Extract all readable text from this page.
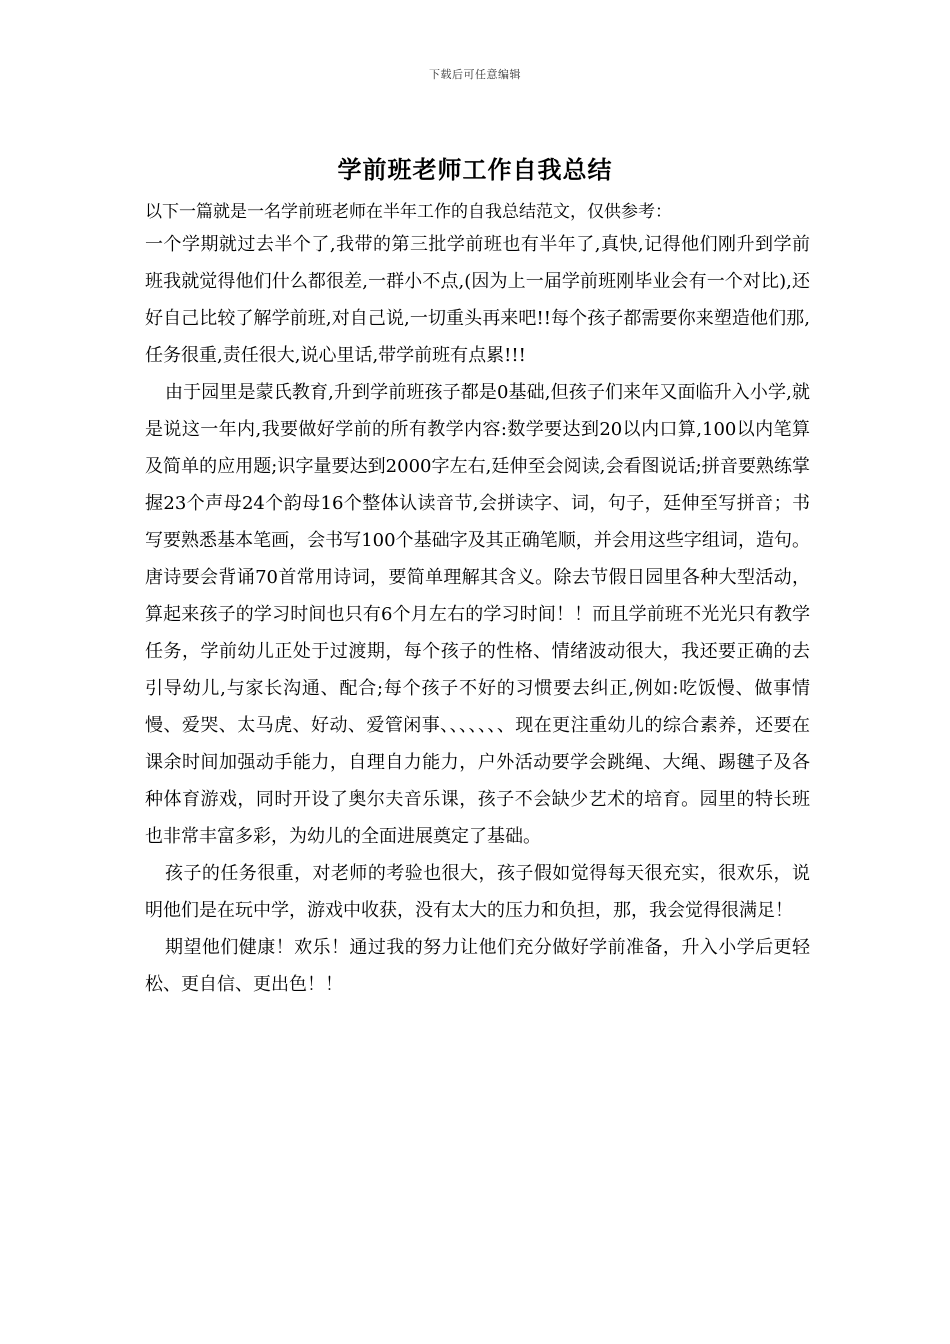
下载后可任意编辑
学前班老师工作自我总结

以下一篇就是一名学前班老师在半年工作的自我总结范文，仅供参考：

一个学期就过去半个了,我带的第三批学前班也有半年了,真快,记得他们刚升到学前班我就觉得他们什么都很差,一群小不点,(因为上一届学前班刚毕业会有一个对比),还好自己比较了解学前班,对自己说,一切重头再来吧!!每个孩子都需要你来塑造他们那,任务很重,责任很大,说心里话,带学前班有点累!!!

由于园里是蒙氏教育,升到学前班孩子都是0基础,但孩子们来年又面临升入小学,就是说这一年内,我要做好学前的所有教学内容:数学要达到20以内口算,100以内笔算及简单的应用题;识字量要达到2000字左右,廷伸至会阅读,会看图说话;拼音要熟练掌握23个声母24个韵母16个整体认读音节,会拼读字、词，句子，廷伸至写拼音；书写要熟悉基本笔画，会书写100个基础字及其正确笔顺，并会用这些字组词，造句。唐诗要会背诵70首常用诗词，要简单理解其含义。除去节假日园里各种大型活动，算起来孩子的学习时间也只有6个月左右的学习时间！！而且学前班不光光只有教学任务，学前幼儿正处于过渡期，每个孩子的性格、情绪波动很大，我还要正确的去引导幼儿,与家长沟通、配合;每个孩子不好的习惯要去纠正,例如:吃饭慢、做事情慢、爱哭、太马虎、好动、爱管闲事、、、、、、、现在更注重幼儿的综合素养，还要在课余时间加强动手能力，自理自力能力，户外活动要学会跳绳、大绳、踢毽子及各种体育游戏，同时开设了奥尔夫音乐课，孩子不会缺少艺术的培育。园里的特长班也非常丰富多彩，为幼儿的全面进展奠定了基础。

孩子的任务很重，对老师的考验也很大，孩子假如觉得每天很充实，很欢乐，说明他们是在玩中学，游戏中收获，没有太大的压力和负担，那，我会觉得很满足！

期望他们健康！欢乐！通过我的努力让他们充分做好学前准备，升入小学后更轻松、更自信、更出色！！
